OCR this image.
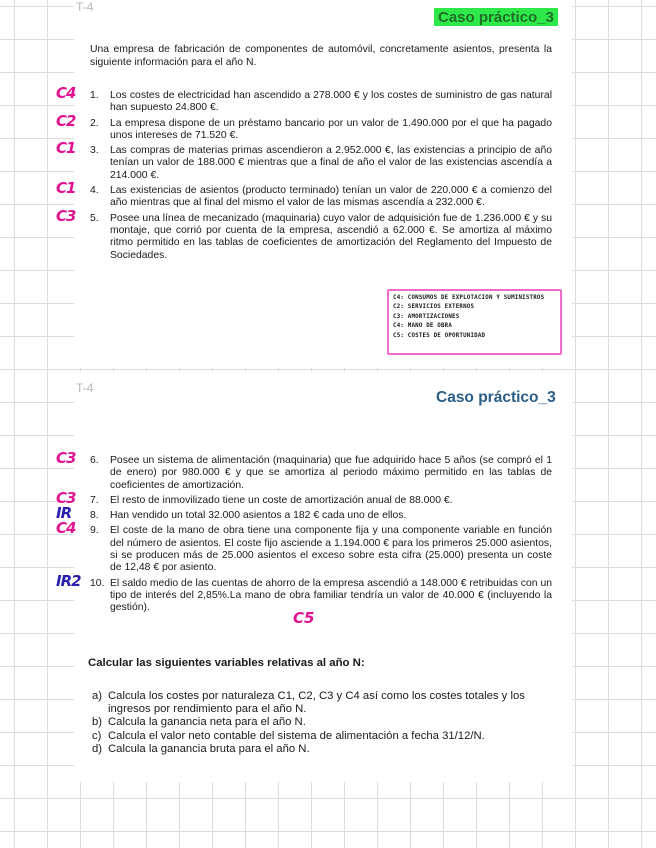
T-4
Caso práctico_3
Una empresa de fabricación de componentes de automóvil, concretamente asientos, presenta la siguiente información para el año N.
C4 1. Los costes de electricidad han ascendido a 278.000 € y los costes de suministro de gas natural han supuesto 24.800 €.
C2 2. La empresa dispone de un préstamo bancario por un valor de 1.490.000 por el que ha pagado unos intereses de 71.520 €.
C1 3. Las compras de materias primas ascendieron a 2.952.000 €, las existencias a principio de año tenían un valor de 188.000 € mientras que a final de año el valor de las existencias ascendía a 214.000 €.
C1 4. Las existencias de asientos (producto terminado) tenían un valor de 220.000 € a comienzo del año mientras que al final del mismo el valor de las mismas ascendía a 232.000 €.
C3 5. Posee una línea de mecanizado (maquinaria) cuyo valor de adquisición fue de 1.236.000 € y su montaje, que corrió por cuenta de la empresa, ascendió a 62.000 €. Se amortiza al máximo ritmo permitido en las tablas de coeficientes de amortización del Reglamento del Impuesto de Sociedades.
C4: CONSUMOS DE EXPLOTACIÓN Y SUMINISTROS
C2: SERVICIOS EXTERNOS
C3: AMORTIZACIONES
C4: MANO DE OBRA
C5: COSTES DE OPORTUNIDAD
T-4
Caso práctico_3
C3 6. Posee un sistema de alimentación (maquinaria) que fue adquirido hace 5 años (se compró el 1 de enero) por 980.000 € y que se amortiza al periodo máximo permitido en las tablas de coeficientes de amortización.
C3 7. El resto de inmovilizado tiene un coste de amortización anual de 88.000 €.
IR 8. Han vendido un total 32.000 asientos a 182 € cada uno de ellos.
C4 9. El coste de la mano de obra tiene una componente fija y una componente variable en función del número de asientos. El coste fijo asciende a 1.194.000 € para los primeros 25.000 asientos, si se producen más de 25.000 asientos el exceso sobre esta cifra (25.000) presenta un coste de 12,48 € por asiento.
IR2 10. El saldo medio de las cuentas de ahorro de la empresa ascendió a 148.000 € retribuidas con un tipo de interés del 2,85%.La mano de obra familiar tendría un valor de 40.000 € (incluyendo la gestión).
C5
Calcular las siguientes variables relativas al año N:
a) Calcula los costes por naturaleza C1, C2, C3 y C4 así como los costes totales y los ingresos por rendimiento para el año N.
b) Calcula la ganancia neta para el año N.
c) Calcula el valor neto contable del sistema de alimentación a fecha 31/12/N.
d) Calcula la ganancia bruta para el año N.
